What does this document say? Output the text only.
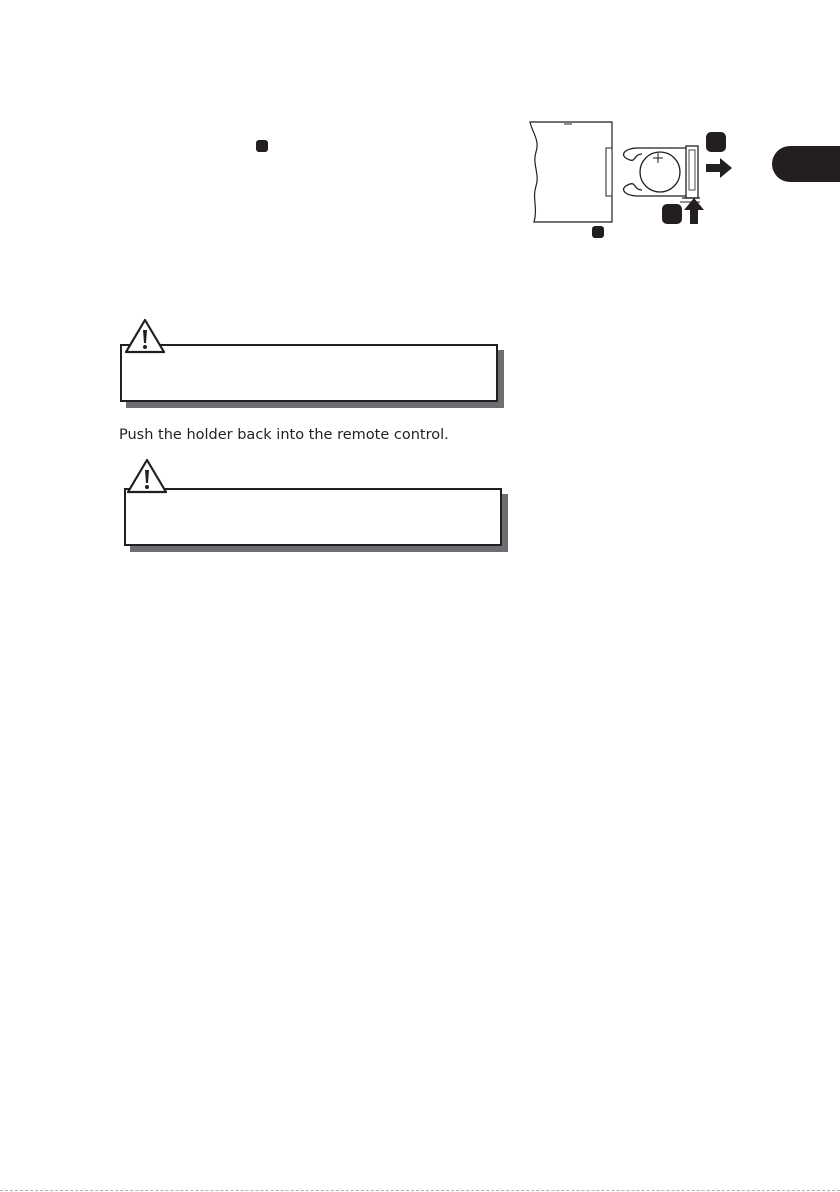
Push the holder back into the remote control.
